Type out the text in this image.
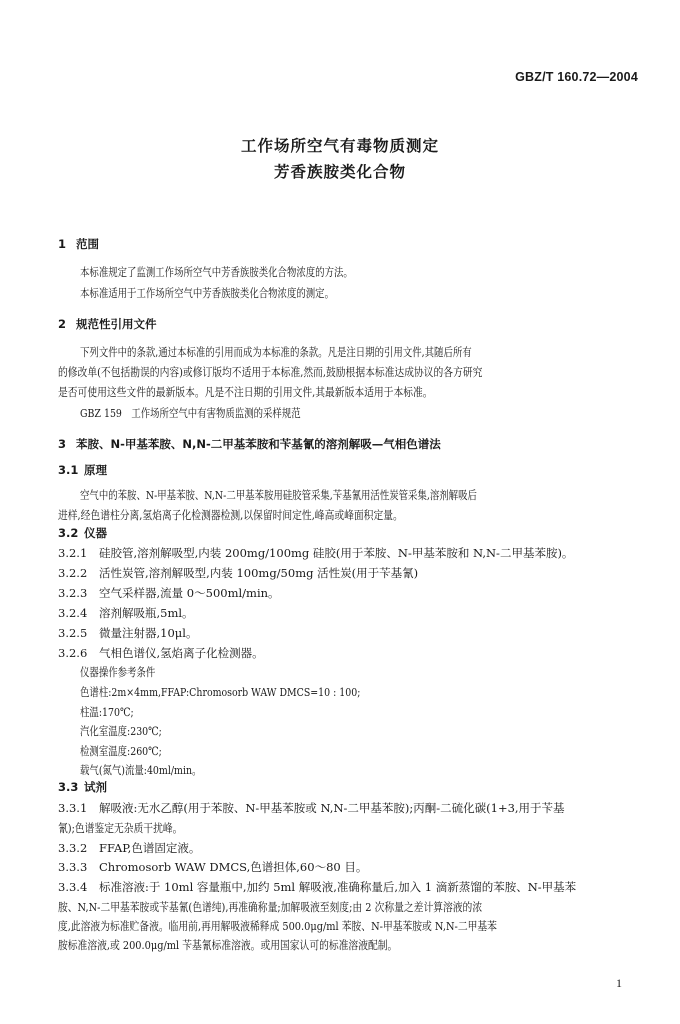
GBZ/T 160.72—2004
工作场所空气有毒物质测定
芳香族胺类化合物
1 范围
本标准规定了监测工作场所空气中芳香族胺类化合物浓度的方法。
本标准适用于工作场所空气中芳香族胺类化合物浓度的测定。
2 规范性引用文件
下列文件中的条款,通过本标准的引用而成为本标准的条款。凡是注日期的引用文件,其随后所有
的修改单(不包括勘误的内容)或修订版均不适用于本标准,然而,鼓励根据本标准达成协议的各方研究
是否可使用这些文件的最新版本。凡是不注日期的引用文件,其最新版本适用于本标准。
GBZ 159　工作场所空气中有害物质监测的采样规范
3 苯胺、N-甲基苯胺、N,N-二甲基苯胺和苄基氰的溶剂解吸—气相色谱法
3.1 原理
空气中的苯胺、N-甲基苯胺、N,N-二甲基苯胺用硅胶管采集,苄基氰用活性炭管采集,溶剂解吸后
进样,经色谱柱分离,氢焰离子化检测器检测,以保留时间定性,峰高或峰面积定量。
3.2 仪器
3.2.1 硅胶管,溶剂解吸型,内装 200mg/100mg 硅胶(用于苯胺、N-甲基苯胺和 N,N-二甲基苯胺)。
3.2.2 活性炭管,溶剂解吸型,内装 100mg/50mg 活性炭(用于苄基氰)
3.2.3 空气采样器,流量 0～500ml/min。
3.2.4 溶剂解吸瓶,5ml。
3.2.5 微量注射器,10μl。
3.2.6 气相色谱仪,氢焰离子化检测器。
仪器操作参考条件
色谱柱:2m×4mm,FFAP:Chromosorb WAW DMCS=10 : 100;
柱温:170℃;
汽化室温度:230℃;
检测室温度:260℃;
载气(氮气)流量:40ml/min。
3.3 试剂
3.3.1 解吸液:无水乙醇(用于苯胺、N-甲基苯胺或 N,N-二甲基苯胺);丙酮-二硫化碳(1+3,用于苄基
氰);色谱鉴定无杂质干扰峰。
3.3.2 FFAP,色谱固定液。
3.3.3 Chromosorb WAW DMCS,色谱担体,60～80 目。
3.3.4 标准溶液:于 10ml 容量瓶中,加约 5ml 解吸液,准确称量后,加入 1 滴新蒸馏的苯胺、N-甲基苯
胺、N,N-二甲基苯胺或苄基氰(色谱纯),再准确称量;加解吸液至刻度;由 2 次称量之差计算溶液的浓
度,此溶液为标准贮备液。临用前,再用解吸液稀释成 500.0μg/ml 苯胺、N-甲基苯胺或 N,N-二甲基苯
胺标准溶液,或 200.0μg/ml 苄基氰标准溶液。或用国家认可的标准溶液配制。
1
